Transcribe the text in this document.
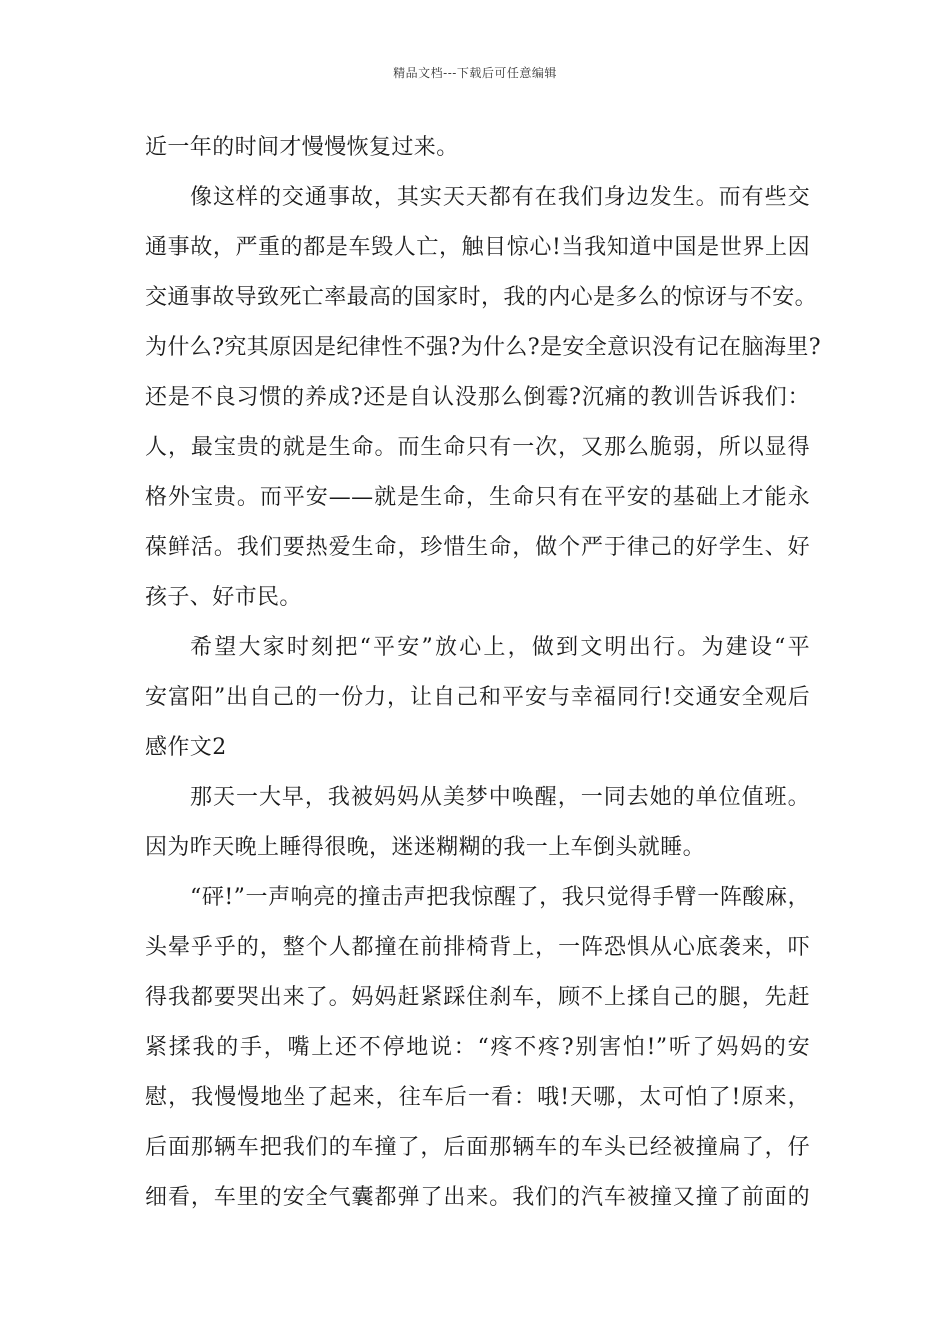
精品文档---下载后可任意编辑
近一年的时间才慢慢恢复过来。
像这样的交通事故，其实天天都有在我们身边发生。而有些交
通事故，严重的都是车毁人亡，触目惊心!当我知道中国是世界上因
交通事故导致死亡率最高的国家时，我的内心是多么的惊讶与不安。
为什么?究其原因是纪律性不强?为什么?是安全意识没有记在脑海里?
还是不良习惯的养成?还是自认没那么倒霉?沉痛的教训告诉我们：
人，最宝贵的就是生命。而生命只有一次，又那么脆弱，所以显得
格外宝贵。而平安——就是生命，生命只有在平安的基础上才能永
葆鲜活。我们要热爱生命，珍惜生命，做个严于律己的好学生、好
孩子、好市民。
希望大家时刻把“平安”放心上，做到文明出行。为建设“平
安富阳”出自己的一份力，让自己和平安与幸福同行!交通安全观后
感作文2
那天一大早，我被妈妈从美梦中唤醒，一同去她的单位值班。
因为昨天晚上睡得很晚，迷迷糊糊的我一上车倒头就睡。
“砰!”一声响亮的撞击声把我惊醒了，我只觉得手臂一阵酸麻，
头晕乎乎的，整个人都撞在前排椅背上，一阵恐惧从心底袭来，吓
得我都要哭出来了。妈妈赶紧踩住刹车，顾不上揉自己的腿，先赶
紧揉我的手，嘴上还不停地说：“疼不疼?别害怕!”听了妈妈的安
慰，我慢慢地坐了起来，往车后一看：哦!天哪，太可怕了!原来，
后面那辆车把我们的车撞了，后面那辆车的车头已经被撞扁了，仔
细看，车里的安全气囊都弹了出来。我们的汽车被撞又撞了前面的
